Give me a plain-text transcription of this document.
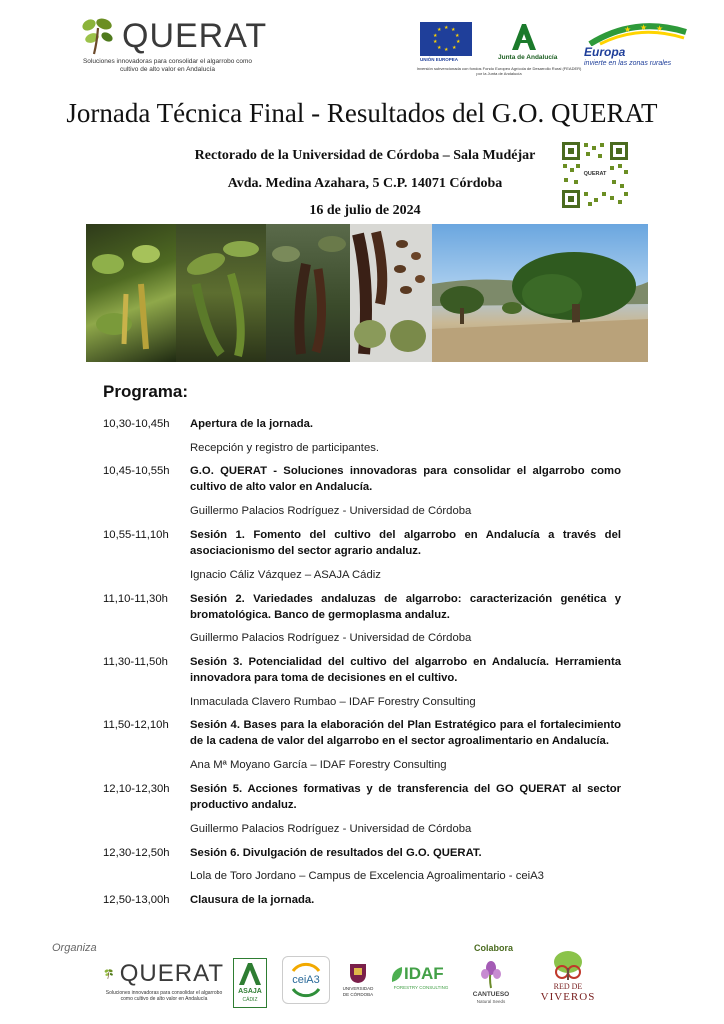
QUERAT
Soluciones innovadoras para consolidar el algarrobo como cultivo de alto valor en Andalucía
★ ★
★
★
★
★
★
★
★
★
UNIÓN EUROPEA	Junta de Andalucía
Inversión subvencionada con fondos Fondo Europeo Agrícola de Desarrollo Rural (FEADER) por la Junta de Andalucía
★ ★ ★
Europa
invierte en las zonas rurales
Jornada Técnica Final - Resultados del G.O. QUERAT
Rectorado de la Universidad de Córdoba – Sala Mudéjar
Avda. Medina Azahara, 5 C.P. 14071 Córdoba
16 de julio de 2024
QUERAT
Programa:
10,30-10,45h	Apertura de la jornada.
Recepción y registro de participantes.
10,45-10,55h	G.O. QUERAT - Soluciones innovadoras para consolidar el algarrobo como cultivo de alto valor en Andalucía.
Guillermo Palacios Rodríguez - Universidad de Córdoba
10,55-11,10h	Sesión 1. Fomento del cultivo del algarrobo en Andalucía a través del asociacionismo del sector agrario andaluz.
Ignacio Cáliz Vázquez – ASAJA Cádiz
11,10-11,30h	Sesión 2. Variedades andaluzas de algarrobo: caracterización genética y bromatológica. Banco de germoplasma andaluz.
Guillermo Palacios Rodríguez - Universidad de Córdoba
11,30-11,50h	Sesión 3. Potencialidad del cultivo del algarrobo en Andalucía. Herramienta innovadora para toma de decisiones en el cultivo.
Inmaculada Clavero Rumbao – IDAF Forestry Consulting
11,50-12,10h	Sesión 4. Bases para la elaboración del Plan Estratégico para el fortalecimiento de la cadena de valor del algarrobo en el sector agroalimentario en Andalucía.
Ana Mª Moyano García – IDAF Forestry Consulting
12,10-12,30h	Sesión 5. Acciones formativas y de transferencia del GO QUERAT al sector productivo andaluz.
Guillermo Palacios Rodríguez - Universidad de Córdoba
12,30-12,50h	Sesión 6. Divulgación de resultados del G.O. QUERAT.
Lola de Toro Jordano – Campus de Excelencia Agroalimentario - ceiA3
12,50-13,00h	Clausura de la jornada.
Organiza	Colabora
QUERAT
Soluciones innovadoras para consolidar el algarrobo como cultivo de alto valor en Andalucía
ASAJA
CÁDIZ
ceiA3
UNIVERSIDAD
DE CÓRDOBA
IDAF
FORESTRY CONSULTING
CANTUESO
Natural Seeds
RED DE
VIVEROS
